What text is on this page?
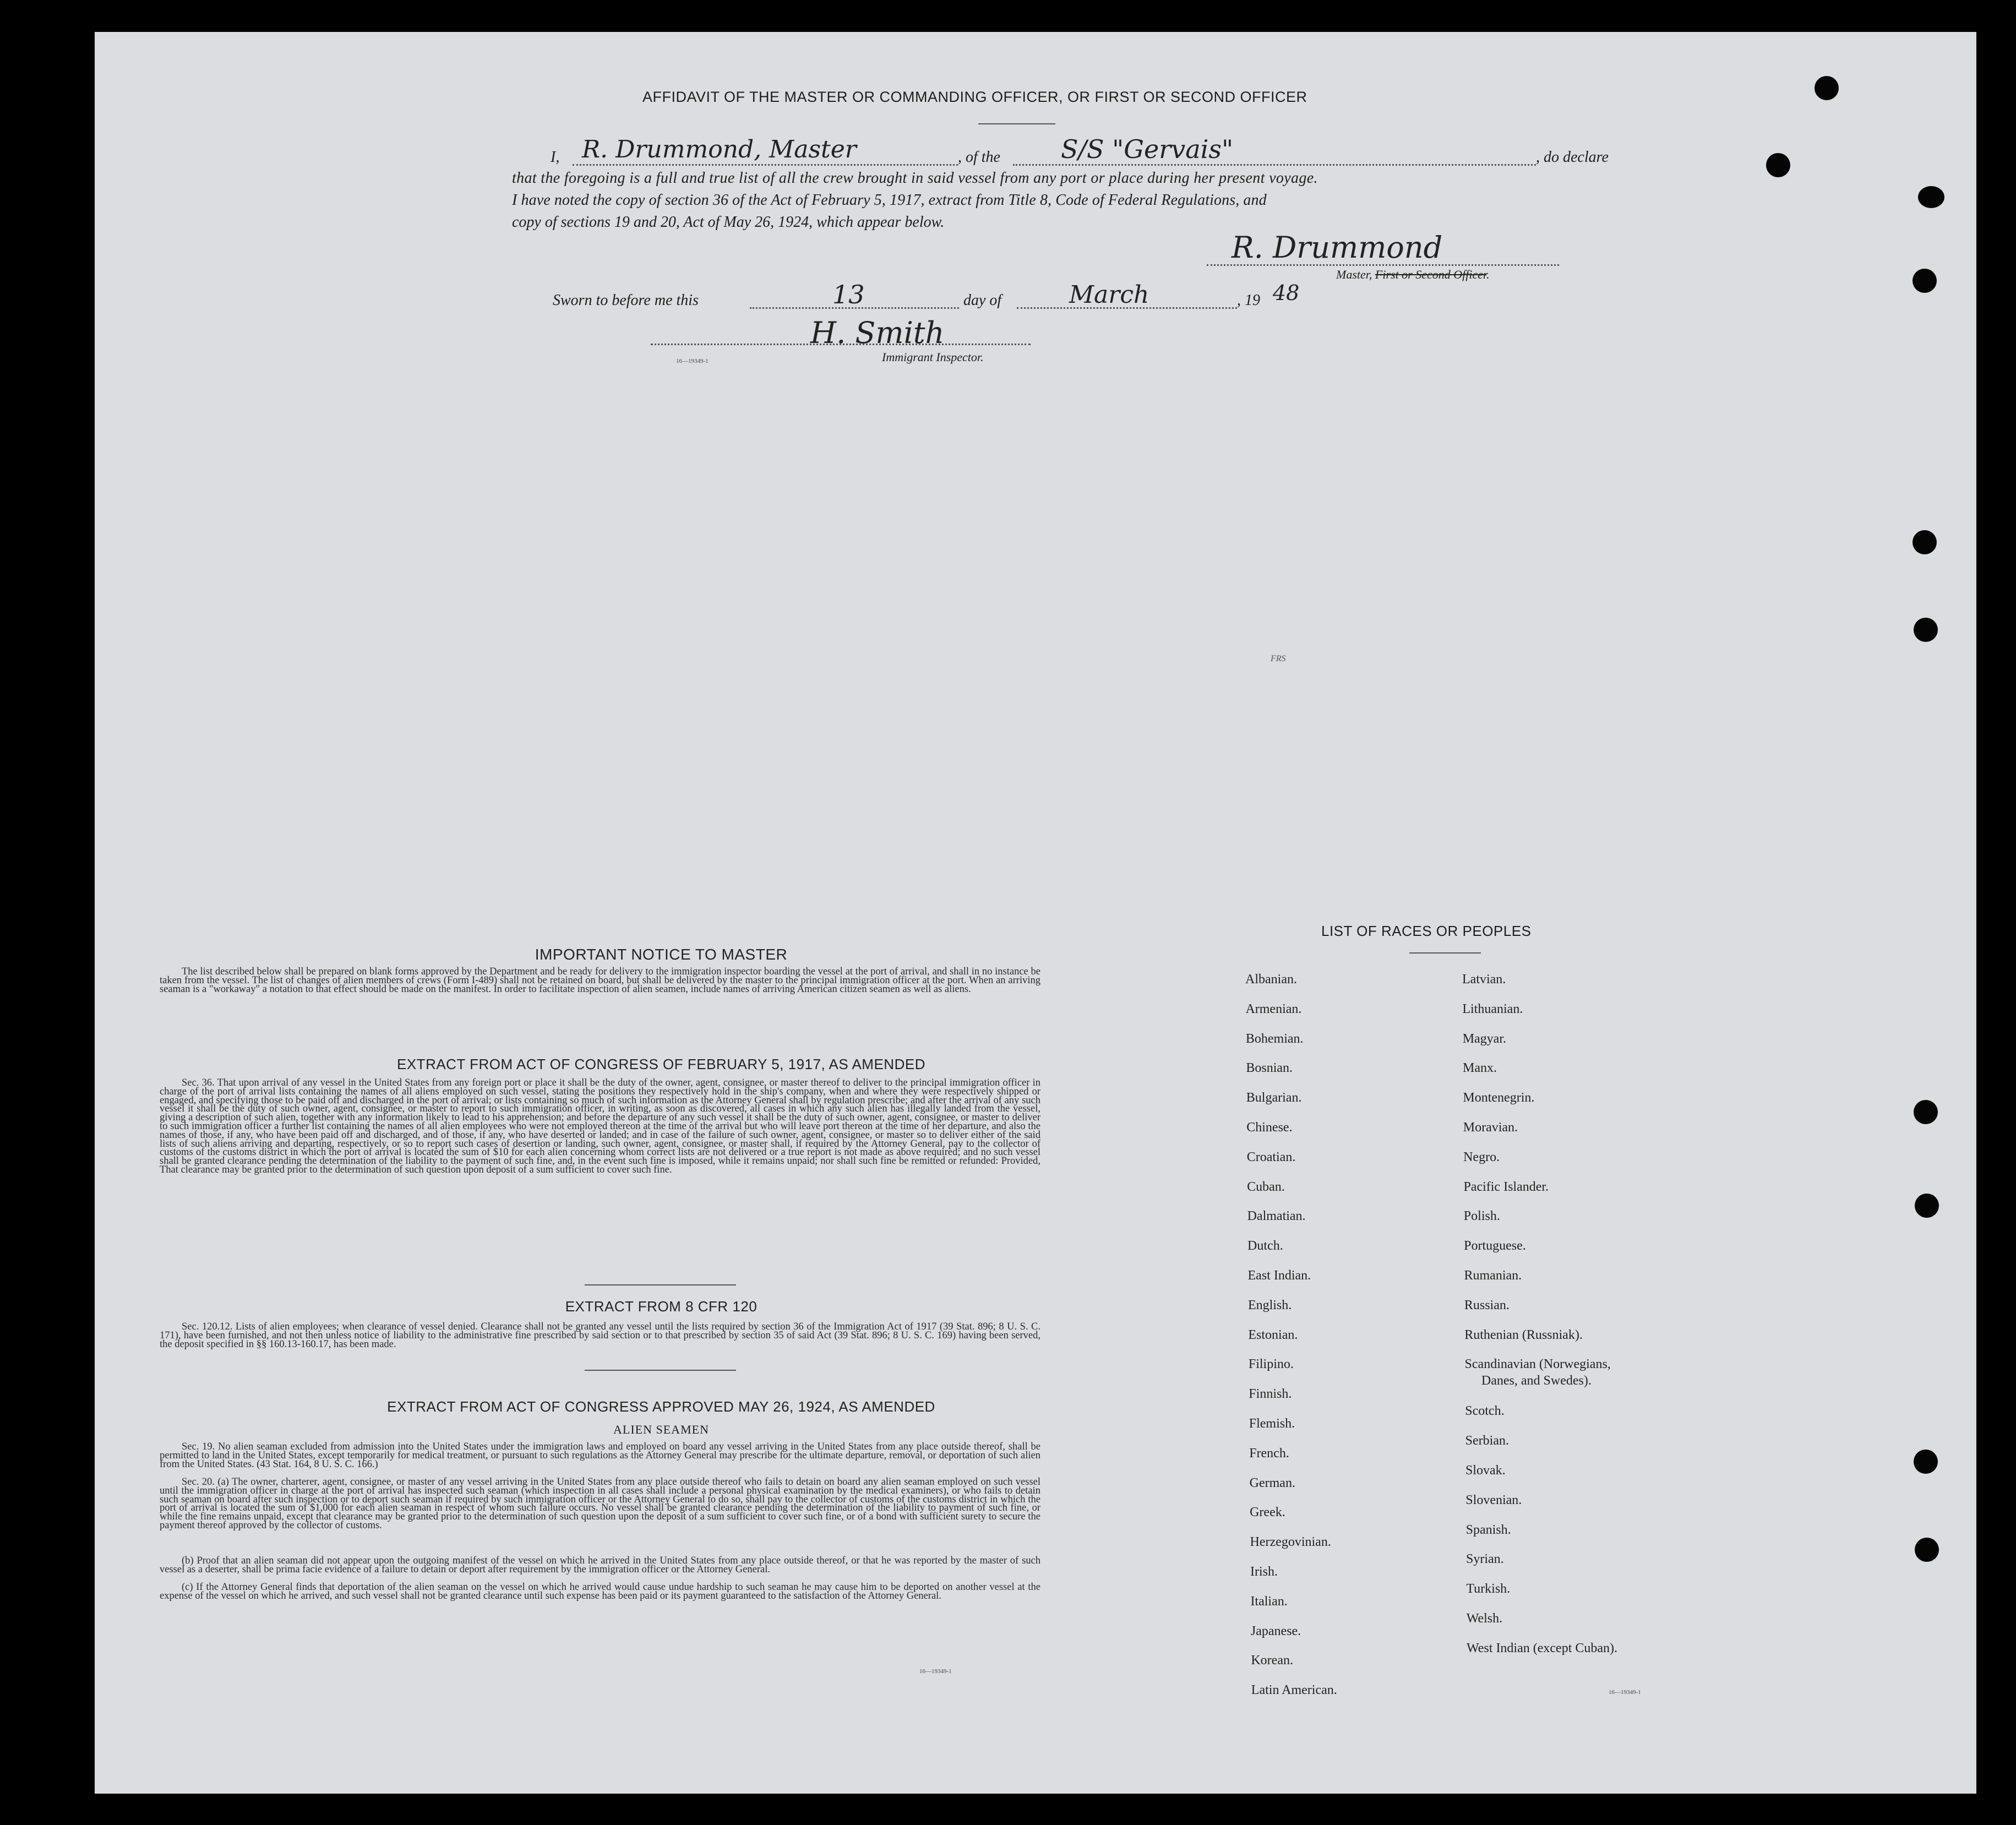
AFFIDAVIT OF THE MASTER OR COMMANDING OFFICER, OR FIRST OR SECOND OFFICER
I, R. Drummond, Master	, of the S/S "Gervais"	, do declare
that the foregoing is a full and true list of all the crew brought in said vessel from any port or place during her present voyage.
I have noted the copy of section 36 of the Act of February 5, 1917, extract from Title 8, Code of Federal Regulations, and
copy of sections 19 and 20, Act of May 26, 1924, which appear below.
R. Drummond
Master, First or Second Officer.
Sworn to before me this	13	day of	March	, 19 48
H. Smith
16—19349-1	Immigrant Inspector.
FRS
IMPORTANT NOTICE TO MASTER

The list described below shall be prepared on blank forms approved by the Department and be ready for delivery to the immigration inspector boarding the vessel at the port of arrival, and shall in no instance be taken from the vessel. The list of changes of alien members of crews (Form I-489) shall not be retained on board, but shall be delivered by the master to the principal immigration officer at the port. When an arriving seaman is a "workaway" a notation to that effect should be made on the manifest. In order to facilitate inspection of alien seamen, include names of arriving American citizen seamen as well as aliens.

EXTRACT FROM ACT OF CONGRESS OF FEBRUARY 5, 1917, AS AMENDED

Sec. 36. That upon arrival of any vessel in the United States from any foreign port or place it shall be the duty of the owner, agent, consignee, or master thereof to deliver to the principal immigration officer in charge of the port of arrival lists containing the names of all aliens employed on such vessel, stating the positions they respectively hold in the ship's company, when and where they were respectively shipped or engaged, and specifying those to be paid off and discharged in the port of arrival; or lists containing so much of such information as the Attorney General shall by regulation prescribe; and after the arrival of any such vessel it shall be the duty of such owner, agent, consignee, or master to report to such immigration officer, in writing, as soon as discovered, all cases in which any such alien has illegally landed from the vessel, giving a description of such alien, together with any information likely to lead to his apprehension; and before the departure of any such vessel it shall be the duty of such owner, agent, consignee, or master to deliver to such immigration officer a further list containing the names of all alien employees who were not employed thereon at the time of the arrival but who will leave port thereon at the time of her departure, and also the names of those, if any, who have been paid off and discharged, and of those, if any, who have deserted or landed; and in case of the failure of such owner, agent, consignee, or master so to deliver either of the said lists of such aliens arriving and departing, respectively, or so to report such cases of desertion or landing, such owner, agent, consignee, or master shall, if required by the Attorney General, pay to the collector of customs of the customs district in which the port of arrival is located the sum of $10 for each alien concerning whom correct lists are not delivered or a true report is not made as above required; and no such vessel shall be granted clearance pending the determination of the liability to the payment of such fine, and, in the event such fine is imposed, while it remains unpaid; nor shall such fine be remitted or refunded: Provided, That clearance may be granted prior to the determination of such question upon deposit of a sum sufficient to cover such fine.

EXTRACT FROM 8 CFR 120

Sec. 120.12. Lists of alien employees; when clearance of vessel denied. Clearance shall not be granted any vessel until the lists required by section 36 of the Immigration Act of 1917 (39 Stat. 896; 8 U. S. C. 171), have been furnished, and not then unless notice of liability to the administrative fine prescribed by said section or to that prescribed by section 35 of said Act (39 Stat. 896; 8 U. S. C. 169) having been served, the deposit specified in §§ 160.13-160.17, has been made.

EXTRACT FROM ACT OF CONGRESS APPROVED MAY 26, 1924, AS AMENDED
ALIEN SEAMEN

Sec. 19. No alien seaman excluded from admission into the United States under the immigration laws and employed on board any vessel arriving in the United States from any place outside thereof, shall be permitted to land in the United States, except temporarily for medical treatment, or pursuant to such regulations as the Attorney General may prescribe for the ultimate departure, removal, or deportation of such alien from the United States. (43 Stat. 164, 8 U. S. C. 166.)

Sec. 20. (a) The owner, charterer, agent, consignee, or master of any vessel arriving in the United States from any place outside thereof who fails to detain on board any alien seaman employed on such vessel until the immigration officer in charge at the port of arrival has inspected such seaman (which inspection in all cases shall include a personal physical examination by the medical examiners), or who fails to detain such seaman on board after such inspection or to deport such seaman if required by such immigration officer or the Attorney General to do so, shall pay to the collector of customs of the customs district in which the port of arrival is located the sum of $1,000 for each alien seaman in respect of whom such failure occurs. No vessel shall be granted clearance pending the determination of the liability to payment of such fine, or while the fine remains unpaid, except that clearance may be granted prior to the determination of such question upon the deposit of a sum sufficient to cover such fine, or of a bond with sufficient surety to secure the payment thereof approved by the collector of customs.

(b) Proof that an alien seaman did not appear upon the outgoing manifest of the vessel on which he arrived in the United States from any place outside thereof, or that he was reported by the master of such vessel as a deserter, shall be prima facie evidence of a failure to detain or deport after requirement by the immigration officer or the Attorney General.

(c) If the Attorney General finds that deportation of the alien seaman on the vessel on which he arrived would cause undue hardship to such seaman he may cause him to be deported on another vessel at the expense of the vessel on which he arrived, and such vessel shall not be granted clearance until such expense has been paid or its payment guaranteed to the satisfaction of the Attorney General.

16—19349-1
LIST OF RACES OR PEOPLES
16—19349-1
Albanian.
Armenian.
Bohemian.
Bosnian.
Bulgarian.
Chinese.
Croatian.
Cuban.
Dalmatian.
Dutch.
East Indian.
English.
Estonian.
Filipino.
Finnish.
Flemish.
French.
German.
Greek.
Herzegovinian.
Irish.
Italian.
Japanese.
Korean.
Latin American.
Latvian.
Lithuanian.
Magyar.
Manx.
Montenegrin.
Moravian.
Negro.
Pacific Islander.
Polish.
Portuguese.
Rumanian.
Russian.
Ruthenian (Russniak).
Scandinavian (Norwegians,
Danes, and Swedes).
Scotch.
Serbian.
Slovak.
Slovenian.
Spanish.
Syrian.
Turkish.
Welsh.
West Indian (except Cuban).
